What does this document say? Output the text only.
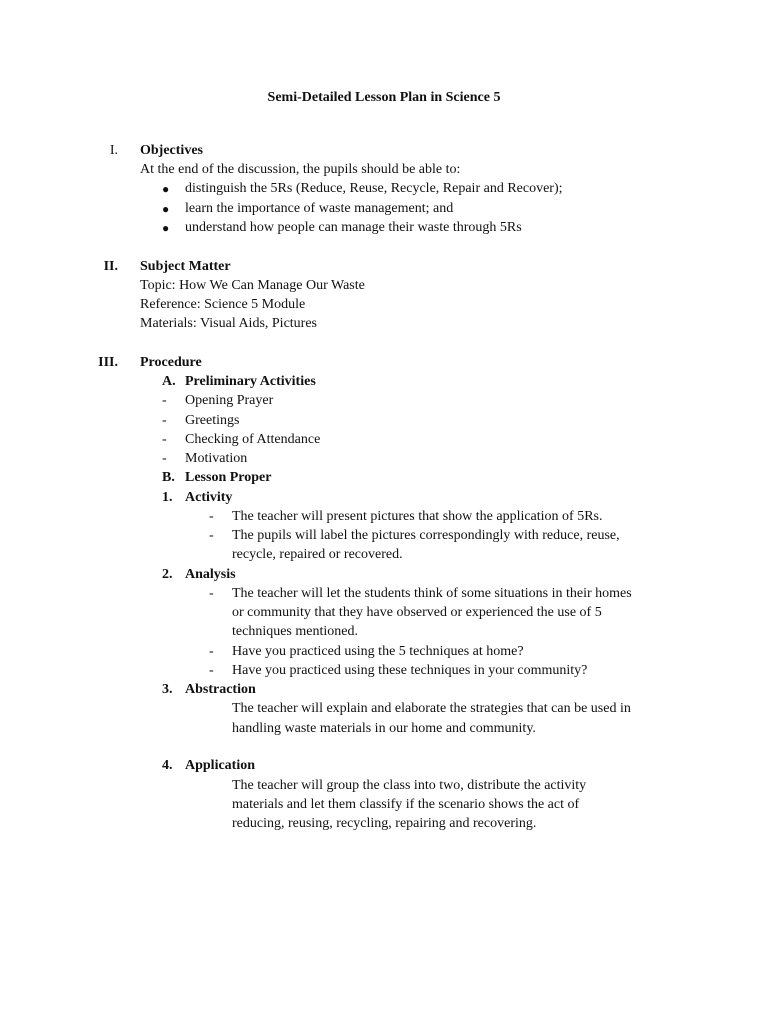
Semi-Detailed Lesson Plan in Science 5
I. Objectives
At the end of the discussion, the pupils should be able to:
● distinguish the 5Rs (Reduce, Reuse, Recycle, Repair and Recover);
● learn the importance of waste management; and
● understand how people can manage their waste through 5Rs
II. Subject Matter
Topic: How We Can Manage Our Waste
Reference: Science 5 Module
Materials: Visual Aids, Pictures
III. Procedure
A. Preliminary Activities
- Opening Prayer
- Greetings
- Checking of Attendance
- Motivation
B. Lesson Proper
1. Activity
- The teacher will present pictures that show the application of 5Rs.
- The pupils will label the pictures correspondingly with reduce, reuse,
recycle, repaired or recovered.
2. Analysis
- The teacher will let the students think of some situations in their homes
or community that they have observed or experienced the use of 5
techniques mentioned.
- Have you practiced using the 5 techniques at home?
- Have you practiced using these techniques in your community?
3. Abstraction
The teacher will explain and elaborate the strategies that can be used in
handling waste materials in our home and community.
4. Application
The teacher will group the class into two, distribute the activity
materials and let them classify if the scenario shows the act of
reducing, reusing, recycling, repairing and recovering.
